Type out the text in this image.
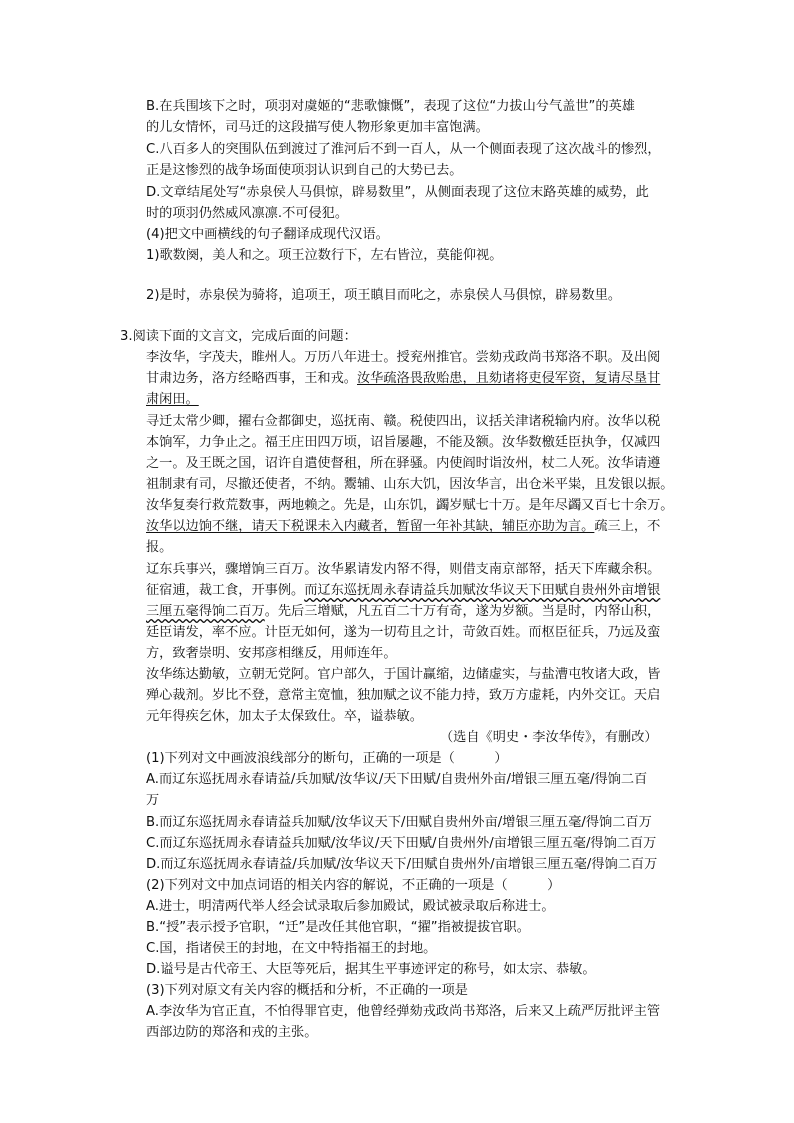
B.在兵围垓下之时，项羽对虞姬的“悲歌慷慨”，表现了这位“力拔山兮气盖世”的英雄
的儿女情怀，司马迁的这段描写使人物形象更加丰富饱满。
C.八百多人的突围队伍到渡过了淮河后不到一百人，从一个侧面表现了这次战斗的惨烈，
正是这惨烈的战争场面使项羽认识到自己的大势已去。
D.文章结尾处写“赤泉侯人马俱惊，辟易数里”，从侧面表现了这位末路英雄的威势，此
时的项羽仍然威风凛凛.不可侵犯。
(4)把文中画横线的句子翻译成现代汉语。
1)歌数阕，美人和之。项王泣数行下，左右皆泣，莫能仰视。
2)是时，赤泉侯为骑将，追项王，项王瞋目而叱之，赤泉侯人马俱惊，辟易数里。
3.阅读下面的文言文，完成后面的问题：
李汝华，字茂夫，睢州人。万历八年进士。授兖州推官。尝劾戎政尚书郑洛不职。及出阅
甘肃边务，洛方经略西事，王和戎。汝华疏洛畏敌贻患，且劾诸将吏侵军资，复请尽垦甘
肃闲田。
寻迁太常少卿，擢右佥都御史，巡抚南、赣。税使四出，议括关津诸税输内府。汝华以税
本饷军，力争止之。福王庄田四万顷，诏旨屡趣，不能及额。汝华数檄廷臣执争，仅减四
之一。及王既之国，诏许自遣使督租，所在驿骚。内使阎时诣汝州，杖二人死。汝华请遵
祖制隶有司，尽撤还使者，不纳。鬻辅、山东大饥，因汝华言，出仓米平粜，且发银以振。
汝华复奏行救荒数事，两地赖之。先是，山东饥，蠲岁赋七十万。是年尽蠲又百七十余万。
汝华以边饷不继，请天下税课未入内藏者，暂留一年补其缺，辅臣亦助为言。疏三上，不
报。
辽东兵事兴，骤增饷三百万。汝华累请发内帑不得，则借支南京部帑，括天下库藏余积。
征宿逋，裁工食，开事例。而辽东巡抚周永春请益兵加赋汝华议天下田赋自贵州外亩增银
三厘五毫得饷二百万。先后三增赋，凡五百二十万有奇，遂为岁额。当是时，内帑山积，
廷臣请发，率不应。计臣无如何，遂为一切苟且之计，苛敛百姓。而枢臣征兵，乃远及蛮
方，致奢崇明、安邦彦相继反，用师连年。
汝华练达勤敏，立朝无党阿。官户部久，于国计赢缩，边储虚实，与盐漕屯牧诸大政，皆
殚心裁剂。岁比不登，意常主宽恤，独加赋之议不能力持，致万方虚耗，内外交讧。天启
元年得疾乞休，加太子太保致仕。卒，谥恭敏。
（选自《明史・李汝华传》，有删改）
(1)下列对文中画波浪线部分的断句，正确的一项是（　　　）
A.而辽东巡抚周永春请益/兵加赋/汝华议/天下田赋/自贵州外亩/增银三厘五毫/得饷二百
万
B.而辽东巡抚周永春请益兵加赋/汝华议天下/田赋自贵州外亩/增银三厘五毫/得饷二百万
C.而辽东巡抚周永春请益兵加赋/汝华议/天下田赋/自贵州外/亩增银三厘五毫/得饷二百万
D.而辽东巡抚周永春请益/兵加赋/汝华议天下/田赋自贵州外/亩增银三厘五毫/得饷二百万
(2)下列对文中加点词语的相关内容的解说，不正确的一项是（　　　）
A.进士，明清两代举人经会试录取后参加殿试，殿试被录取后称进士。
B.“授”表示授予官职，“迁”是改任其他官职，“擢”指被提拔官职。
C.国，指诸侯王的封地，在文中特指福王的封地。
D.谥号是古代帝王、大臣等死后，据其生平事迹评定的称号，如太宗、恭敏。
(3)下列对原文有关内容的概括和分析，不正确的一项是
A.李汝华为官正直，不怕得罪官吏，他曾经弹劾戎政尚书郑洛，后来又上疏严厉批评主管
西部边防的郑洛和戎的主张。
